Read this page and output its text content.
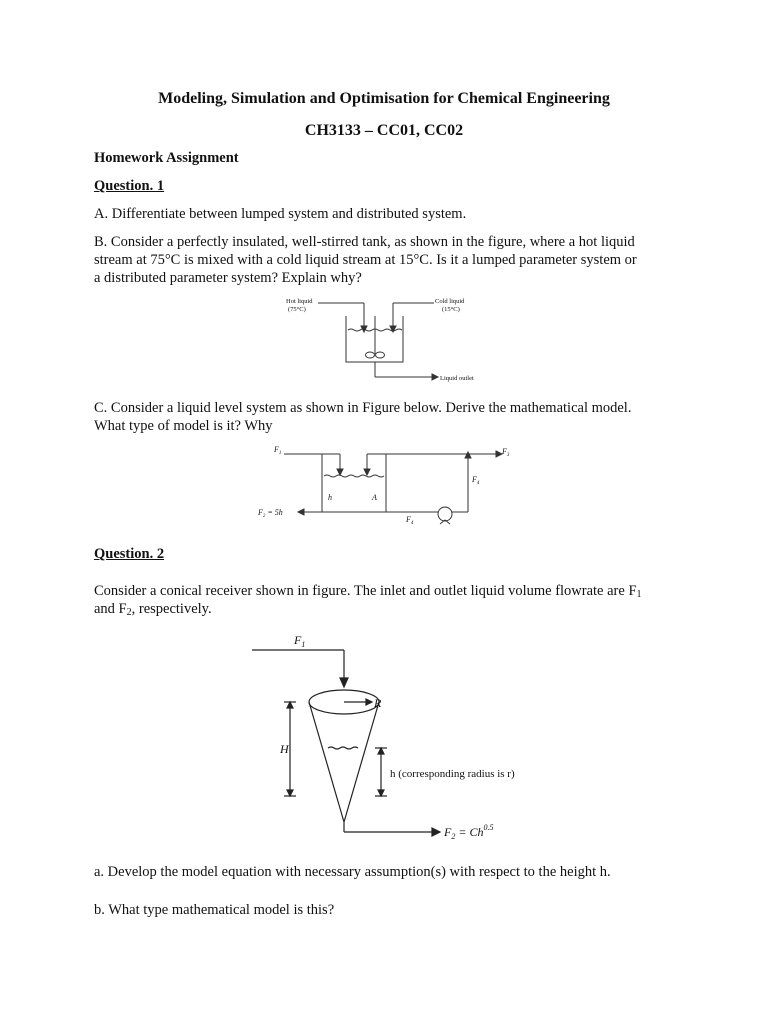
Modeling, Simulation and Optimisation for Chemical Engineering
CH3133 – CC01, CC02
Homework Assignment
Question. 1
A. Differentiate between lumped system and distributed system.
B. Consider a perfectly insulated, well-stirred tank, as shown in the figure, where a hot liquid
stream at 75°C is mixed with a cold liquid stream at 15°C. Is it a lumped parameter system or
a distributed parameter system? Explain why?
Hot liquid
(75°C)
Cold liquid
(15°C)
Liquid outlet
C. Consider a liquid level system as shown in Figure below. Derive the mathematical model.
What type of model is it? Why
$F_1$	$F_3$
$F_4$
$F_4$
$F_2 = 5h$
h	A
Question. 2
Consider a conical receiver shown in figure. The inlet and outlet liquid volume flowrate are $F_1$
and $F_2$, respectively.
$F_1$
R
H
h (corresponding radius is r)
$F_2 = Ch^{0.5}$
a. Develop the model equation with necessary assumption(s) with respect to the height h.
b. What type mathematical model is this?
